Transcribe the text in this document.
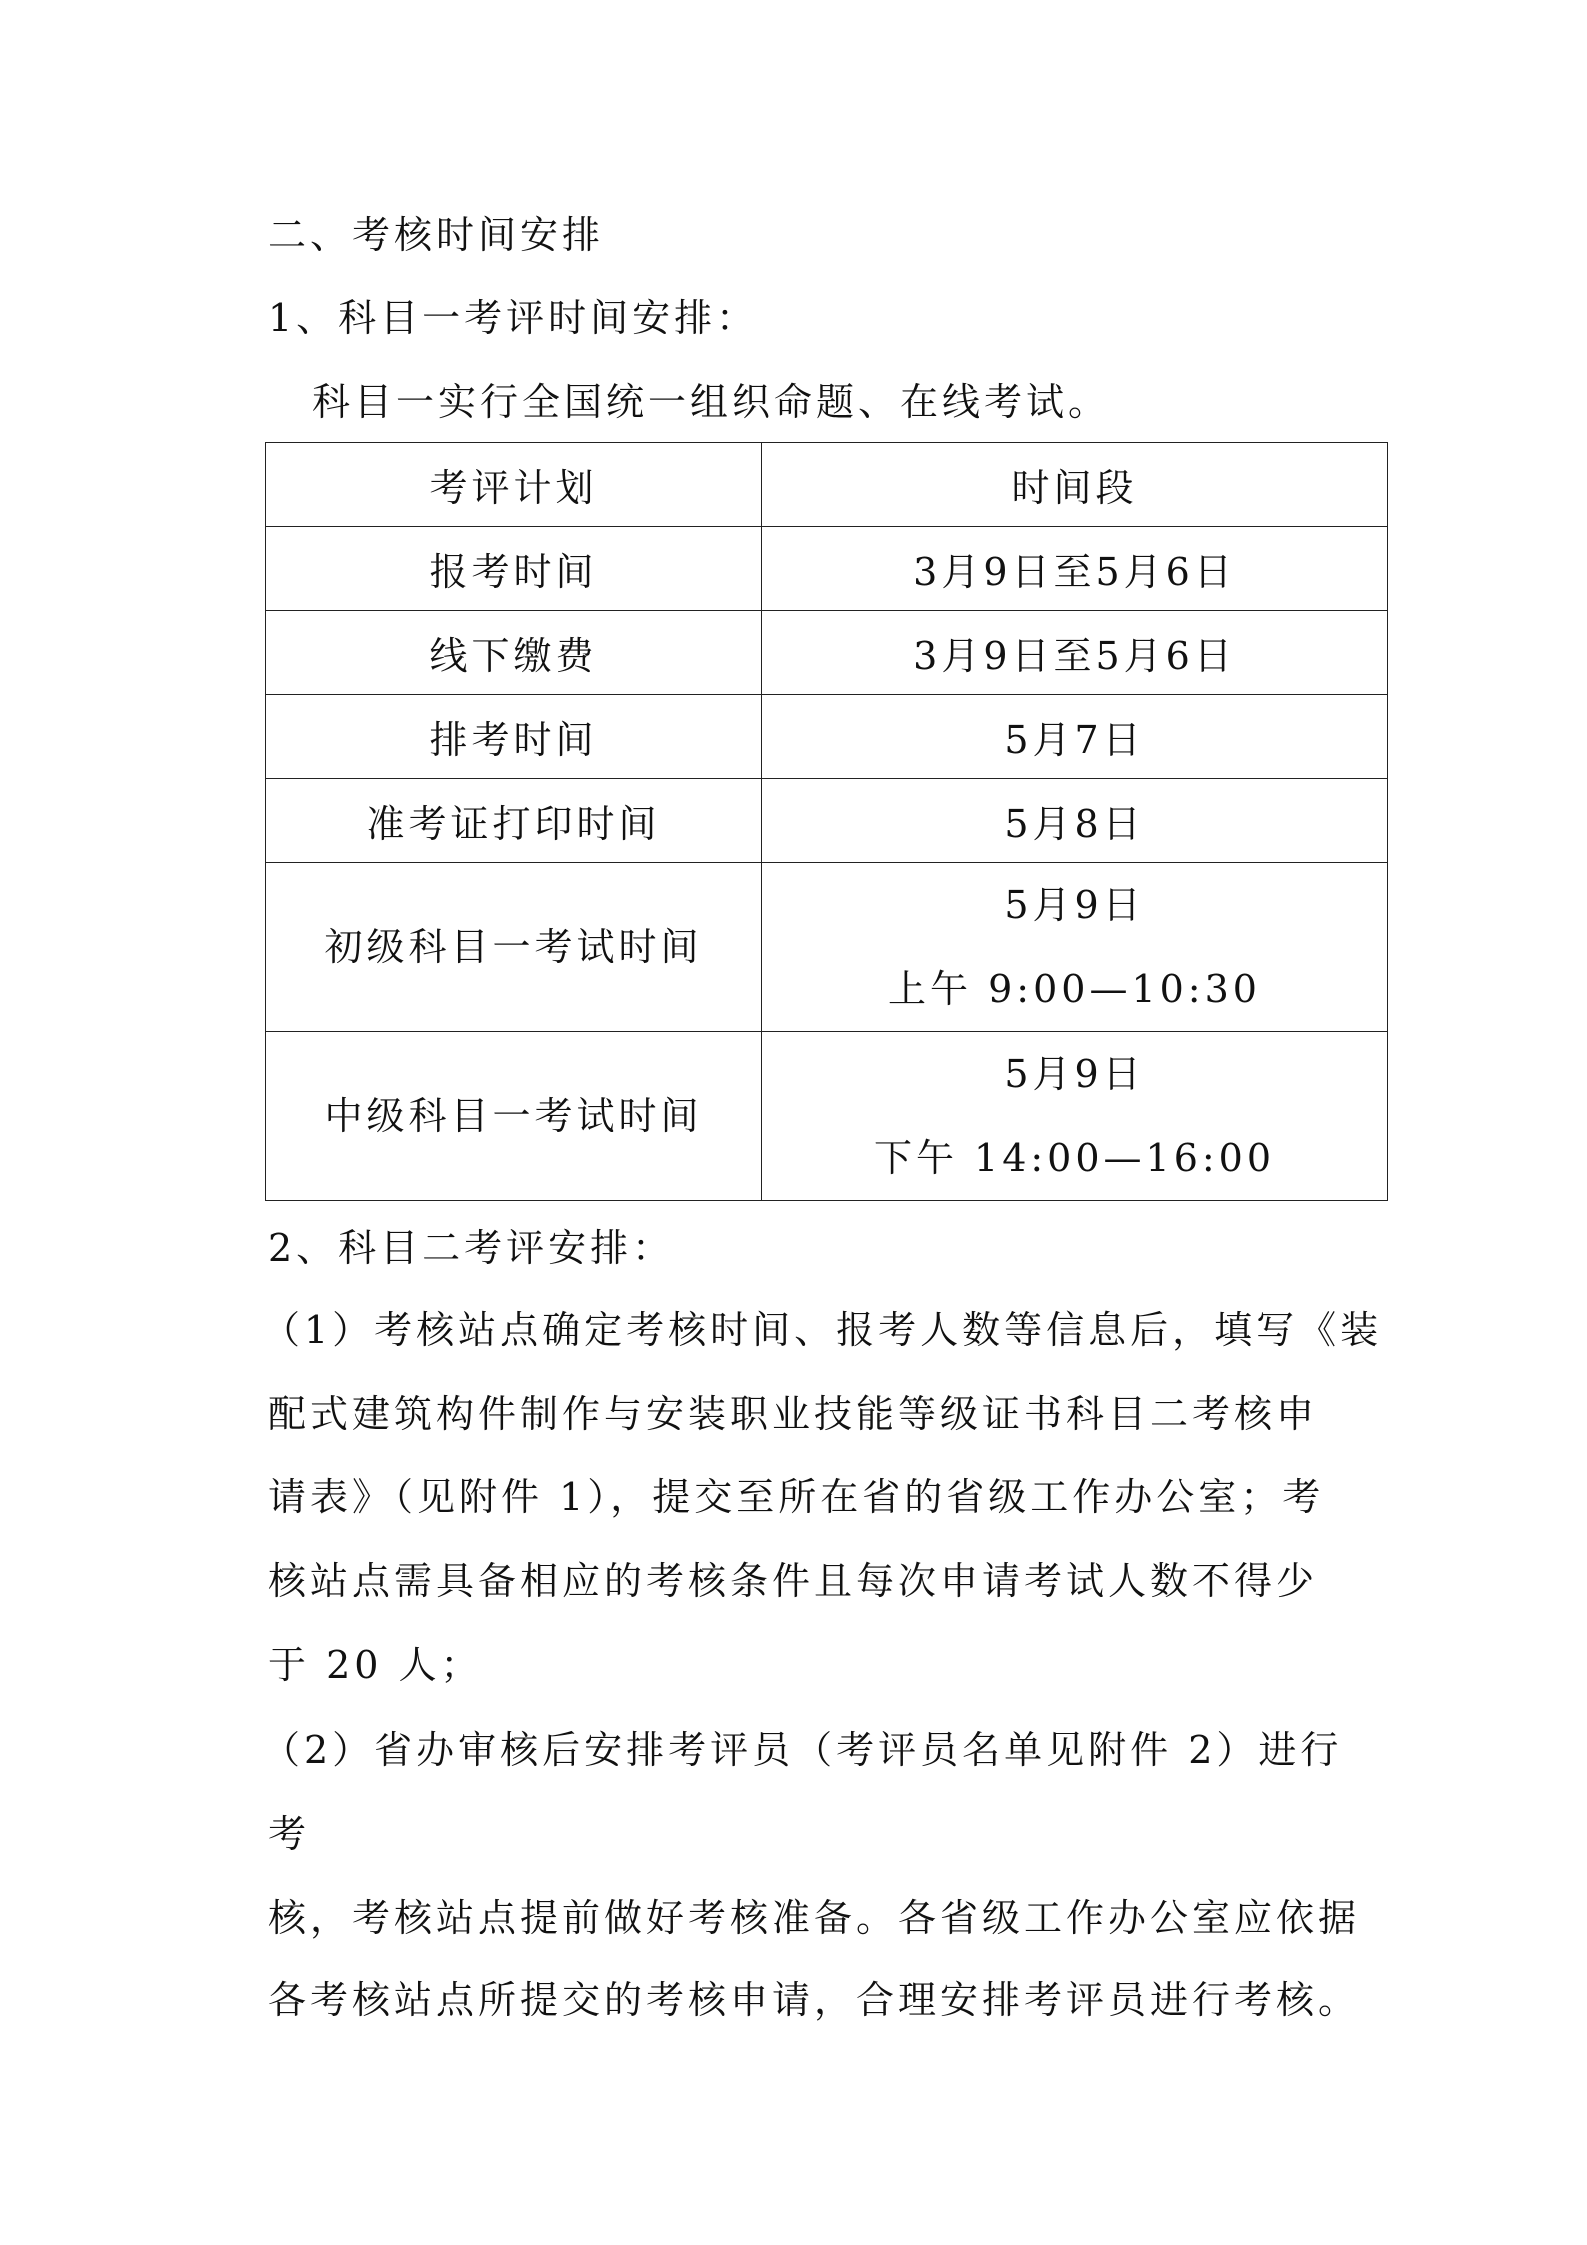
二、考核时间安排
1、科目一考评时间安排：
科目一实行全国统一组织命题、在线考试。
考评计划	时间段
报考时间	3月9日至5月6日
线下缴费	3月9日至5月6日
排考时间	5月7日
准考证打印时间	5月8日
初级科目一考试时间	5月9日
上午 9:00—10:30

中级科目一考试时间	5月9日
下午 14:00—16:00
2、科目二考评安排：
（1）考核站点确定考核时间、报考人数等信息后，填写《装
配式建筑构件制作与安装职业技能等级证书科目二考核申
请表》（见附件 1），提交至所在省的省级工作办公室；考
核站点需具备相应的考核条件且每次申请考试人数不得少
于 20 人；
（2）省办审核后安排考评员（考评员名单见附件 2）进行
考
核，考核站点提前做好考核准备。各省级工作办公室应依据
各考核站点所提交的考核申请，合理安排考评员进行考核。
